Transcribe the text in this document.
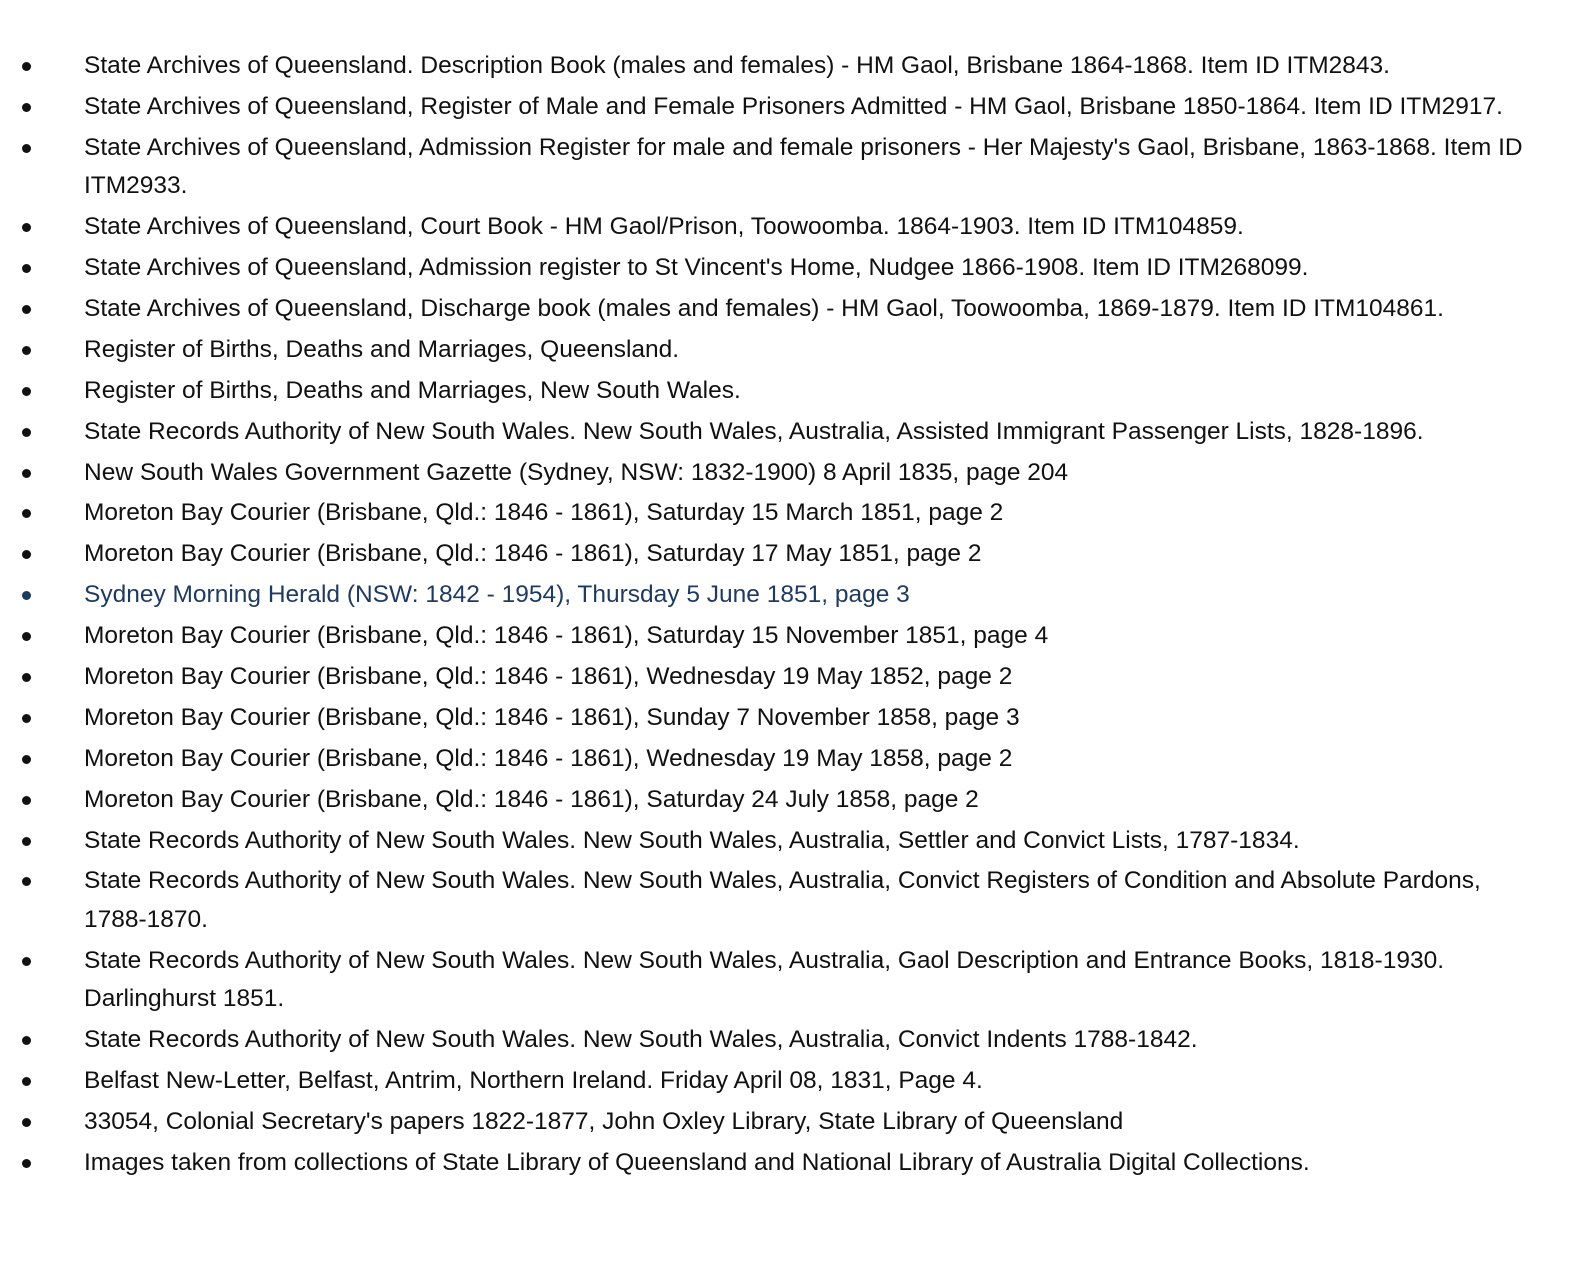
State Archives of Queensland. Description Book (males and females) - HM Gaol, Brisbane 1864-1868. Item ID ITM2843.
State Archives of Queensland, Register of Male and Female Prisoners Admitted - HM Gaol, Brisbane 1850-1864. Item ID ITM2917.
State Archives of Queensland, Admission Register for male and female prisoners - Her Majesty's Gaol, Brisbane, 1863-1868. Item ID ITM2933.
State Archives of Queensland, Court Book - HM Gaol/Prison, Toowoomba. 1864-1903. Item ID ITM104859.
State Archives of Queensland, Admission register to St Vincent's Home, Nudgee 1866-1908. Item ID ITM268099.
State Archives of Queensland, Discharge book (males and females) - HM Gaol, Toowoomba, 1869-1879. Item ID ITM104861.
Register of Births, Deaths and Marriages, Queensland.
Register of Births, Deaths and Marriages, New South Wales.
State Records Authority of New South Wales. New South Wales, Australia, Assisted Immigrant Passenger Lists, 1828-1896.
New South Wales Government Gazette (Sydney, NSW: 1832-1900) 8 April 1835, page 204
Moreton Bay Courier (Brisbane, Qld.: 1846 - 1861), Saturday 15 March 1851, page 2
Moreton Bay Courier (Brisbane, Qld.: 1846 - 1861), Saturday 17 May 1851, page 2
Sydney Morning Herald (NSW: 1842 - 1954), Thursday 5 June 1851, page 3
Moreton Bay Courier (Brisbane, Qld.: 1846 - 1861), Saturday 15 November 1851, page 4
Moreton Bay Courier (Brisbane, Qld.: 1846 - 1861), Wednesday 19 May 1852, page 2
Moreton Bay Courier (Brisbane, Qld.: 1846 - 1861), Sunday 7 November 1858, page 3
Moreton Bay Courier (Brisbane, Qld.: 1846 - 1861), Wednesday 19 May 1858, page 2
Moreton Bay Courier (Brisbane, Qld.: 1846 - 1861), Saturday 24 July 1858, page 2
State Records Authority of New South Wales. New South Wales, Australia, Settler and Convict Lists, 1787-1834.
State Records Authority of New South Wales. New South Wales, Australia, Convict Registers of Condition and Absolute Pardons, 1788-1870.
State Records Authority of New South Wales. New South Wales, Australia, Gaol Description and Entrance Books, 1818-1930. Darlinghurst 1851.
State Records Authority of New South Wales. New South Wales, Australia, Convict Indents 1788-1842.
Belfast New-Letter, Belfast, Antrim, Northern Ireland. Friday April 08, 1831, Page 4.
33054, Colonial Secretary's papers 1822-1877, John Oxley Library, State Library of Queensland
Images taken from collections of State Library of Queensland and National Library of Australia Digital Collections.
